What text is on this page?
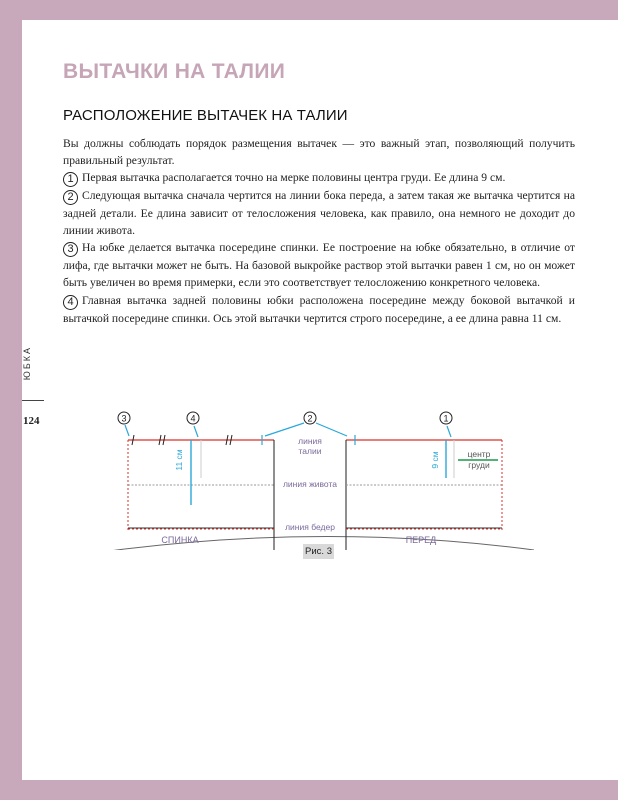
ВЫТАЧКИ НА ТАЛИИ
РАСПОЛОЖЕНИЕ ВЫТАЧЕК НА ТАЛИИ

Вы должны соблюдать порядок размещения вытачек — это важный этап, позволяющий получить правильный результат.

1 Первая вытачка располагается точно на мерке половины центра груди. Ее длина 9 см.

2 Следующая вытачка сначала чертится на линии бока переда, а затем такая же вытачка чертится на задней детали. Ее длина зависит от телосложения человека, как правило, она немного не доходит до линии живота.

3 На юбке делается вытачка посередине спинки. Ее построение на юбке обязательно, в отличие от лифа, где вытачки может не быть. На базовой выкройке раствор этой вытачки равен 1 см, но он может быть увеличен во время примерки, если это соответствует телосложению конкретного человека.

4 Главная вытачка задней половины юбки расположена посередине между боковой вытачкой и вытачкой посередине спинки. Ось этой вытачки чертится строго посередине, а ее длина равна 11 см.

ЮБКА
124	3	4	2	1
линия
талии
линия живота
линия бедер
СПИНКА	ПЕРЕД
центр
груди
11 см	9 см
Рис. 3
